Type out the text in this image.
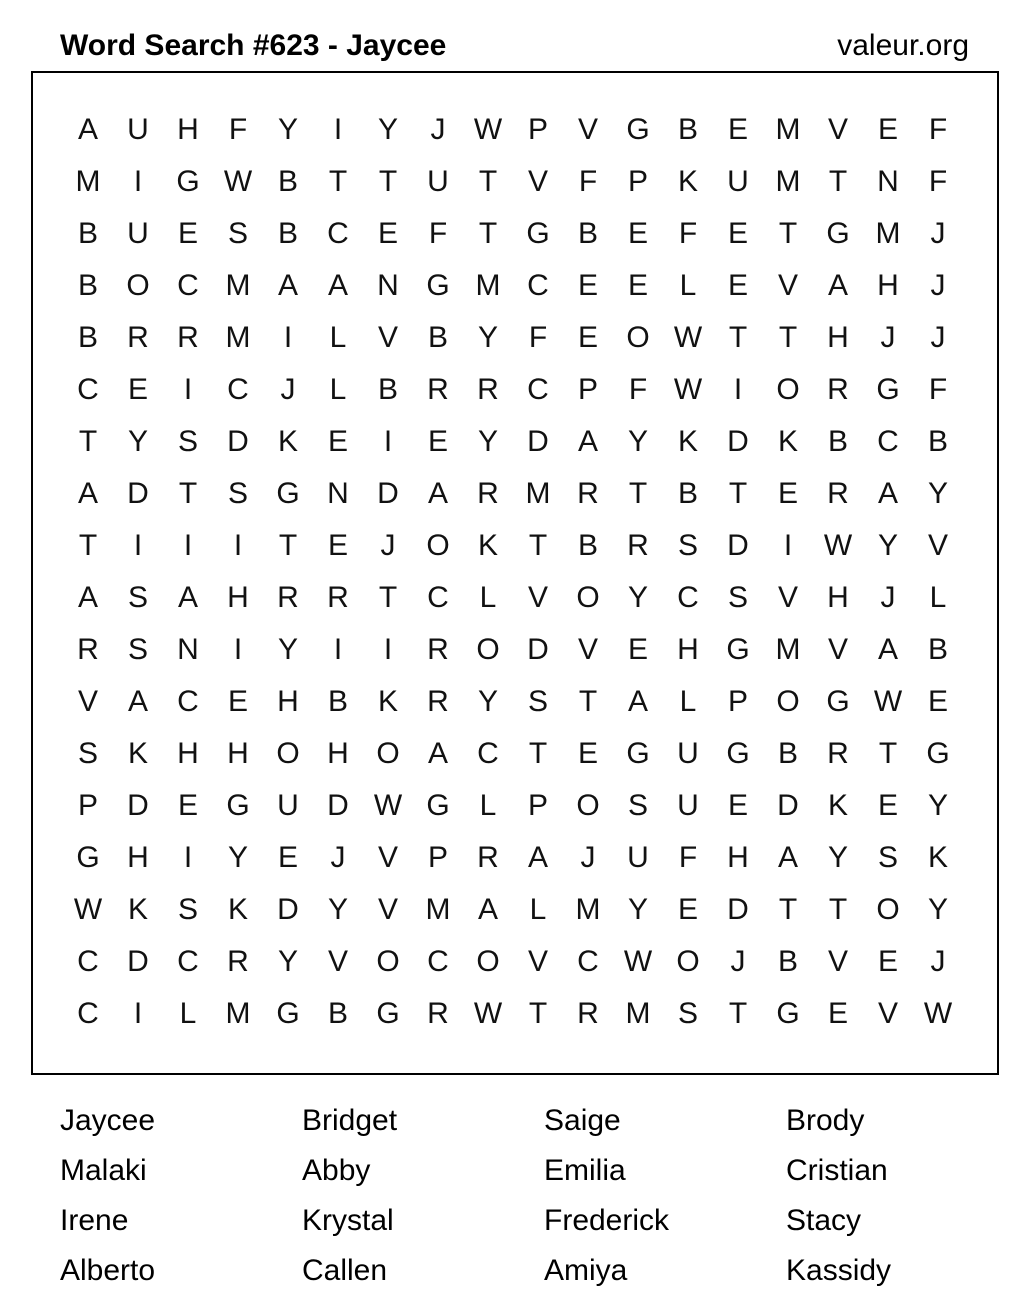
Word Search #623 - Jaycee	valeur.org
A U H	F	Y	I	Y	J W P V G B E M V E	F
M	I	G W B	T	T	U	T	V	F	P K U M T	N	F
B U E S B C E	F	T G B E	F	E	T G M	J
B O C M A A N G M C E E	L	E V A H	J
B R R M	I	L	V B Y	F	E O W T	T	H	J	J
C E	I	C	J	L	B R R C P	F W	I	O R G F
T	Y S D K E	I	E Y D A Y K D K B C B
A D	T	S G N D A R M R	T	B	T	E R A Y
T	I	I	I	T	E	J	O K	T	B R S D	I	W Y V
A S A H R R	T	C	L	V O Y C S V H	J	L
R S N	I	Y	I	I	R O D V E H G M V A B
V A C E H B K R Y S	T	A	L	P O G W E
S K H H O H O A C	T	E G U G B R	T G
P D E G U D W G L	P O S U E D K E Y
G H	I	Y E	J	V P R A	J	U	F	H A Y S K
W K S K D Y V M A	L M Y E D	T	T O Y
C D C R Y V O C O V C W O	J	B V E	J
C	I	L M G B G R W T	R M S	T G E V W
Jaycee	Bridget	Saige	Brody
Malaki	Abby	Emilia	Cristian
Irene	Krystal	Frederick	Stacy
Alberto	Callen	Amiya	Kassidy
